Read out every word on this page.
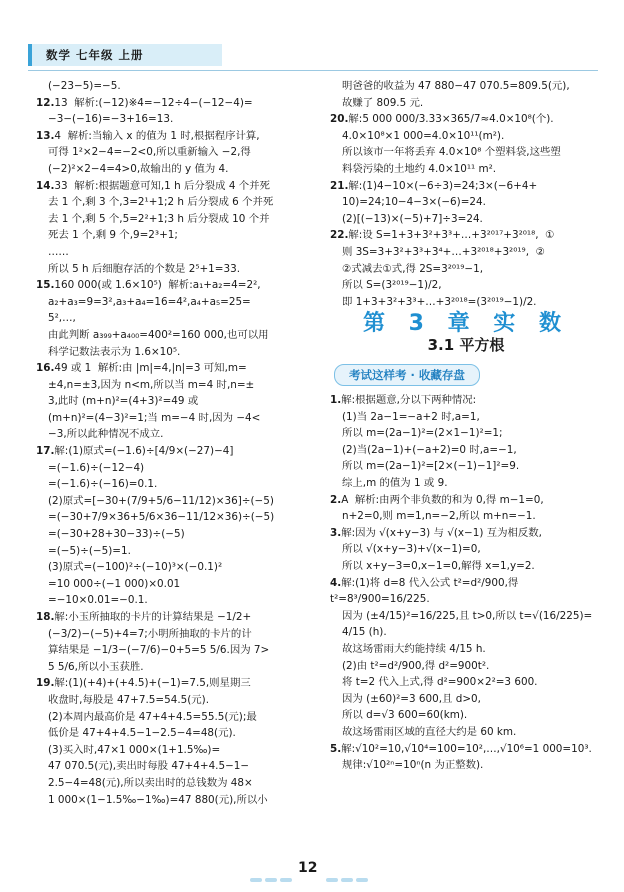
数学 七年级 上册

(−23−5)=−5.

12.13  解析:(−12)※4=−12÷4−(−12−4)=

−3−(−16)=−3+16=13.

13.4  解析:当输入 x 的值为 1 时,根据程序计算,

可得 1²×2−4=−2<0,所以重新输入 −2,得

(−2)²×2−4=4>0,故输出的 y 值为 4.

14.33  解析:根据题意可知,1 h 后分裂成 4 个并死

去 1 个,剩 3 个,3=2¹+1;2 h 后分裂成 6 个并死

去 1 个,剩 5 个,5=2²+1;3 h 后分裂成 10 个并

死去 1 个,剩 9 个,9=2³+1;

……

所以 5 h 后细胞存活的个数是 2⁵+1=33.

15.160 000(或 1.6×10⁵)  解析:a₁+a₂=4=2²,

a₂+a₃=9=3²,a₃+a₄=16=4²,a₄+a₅=25=

5²,…,

由此判断 a₃₉₉+a₄₀₀=400²=160 000,也可以用

科学记数法表示为 1.6×10⁵.

16.49 或 1  解析:由 |m|=4,|n|=3 可知,m=

±4,n=±3,因为 n<m,所以当 m=4 时,n=±

3,此时 (m+n)²=(4+3)²=49 或

(m+n)²=(4−3)²=1;当 m=−4 时,因为 −4<

−3,所以此种情况不成立.

17.解:(1)原式=(−1.6)÷[4/9×(−27)−4]

=(−1.6)÷(−12−4)

=(−1.6)÷(−16)=0.1.

(2)原式=[−30+(7/9+5/6−11/12)×36]÷(−5)

=(−30+7/9×36+5/6×36−11/12×36)÷(−5)

=(−30+28+30−33)÷(−5)

=(−5)÷(−5)=1.

(3)原式=(−100)²÷(−10)³×(−0.1)²

=10 000÷(−1 000)×0.01

=−10×0.01=−0.1.

18.解:小玉所抽取的卡片的计算结果是 −1/2+

(−3/2)−(−5)+4=7;小明所抽取的卡片的计

算结果是 −1/3−(−7/6)−0+5=5 5/6.因为 7>

5 5/6,所以小玉获胜.

19.解:(1)(+4)+(+4.5)+(−1)=7.5,则星期三

收盘时,每股是 47+7.5=54.5(元).

(2)本周内最高价是 47+4+4.5=55.5(元);最

低价是 47+4+4.5−1−2.5−4=48(元).

(3)买入时,47×1 000×(1+1.5‰)=

47 070.5(元),卖出时每股 47+4+4.5−1−

2.5−4=48(元),所以卖出时的总钱数为 48×

1 000×(1−1.5‰−1‰)=47 880(元),所以小

明爸爸的收益为 47 880−47 070.5=809.5(元),

故赚了 809.5 元.

20.解:5 000 000/3.33×365/7≈4.0×10⁸(个).

4.0×10⁸×1 000=4.0×10¹¹(m²).

所以该市一年将丢弃 4.0×10⁸ 个塑料袋,这些塑

料袋污染的土地约 4.0×10¹¹ m².

21.解:(1)4−10×(−6÷3)=24;3×(−6+4+

10)=24;10−4−3×(−6)=24.

(2)[(−13)×(−5)+7]÷3=24.

22.解:设 S=1+3+3²+3³+…+3²⁰¹⁷+3²⁰¹⁸,  ①

则 3S=3+3²+3³+3⁴+…+3²⁰¹⁸+3²⁰¹⁹,  ②

②式减去①式,得 2S=3²⁰¹⁹−1,

所以 S=(3²⁰¹⁹−1)/2,

即 1+3+3²+3³+…+3²⁰¹⁸=(3²⁰¹⁹−1)/2.

第 3 章 实 数
3.1 平方根
考试这样考 · 收藏存盘

1.解:根据题意,分以下两种情况:

(1)当 2a−1=−a+2 时,a=1,

所以 m=(2a−1)²=(2×1−1)²=1;

(2)当(2a−1)+(−a+2)=0 时,a=−1,

所以 m=(2a−1)²=[2×(−1)−1]²=9.

综上,m 的值为 1 或 9.

2.A  解析:由两个非负数的和为 0,得 m−1=0,

n+2=0,则 m=1,n=−2,所以 m+n=−1.

3.解:因为 √(x+y−3) 与 √(x−1) 互为相反数,

所以 √(x+y−3)+√(x−1)=0,

所以 x+y−3=0,x−1=0,解得 x=1,y=2.

4.解:(1)将 d=8 代入公式 t²=d²/900,得 t²=8³/900=16/225.

因为 (±4/15)²=16/225,且 t>0,所以 t=√(16/225)=

4/15 (h).

故这场雷雨大约能持续 4/15 h.

(2)由 t²=d²/900,得 d²=900t².

将 t=2 代入上式,得 d²=900×2²=3 600.

因为 (±60)²=3 600,且 d>0,

所以 d=√3 600=60(km).

故这场雷雨区域的直径大约是 60 km.

5.解:√10²=10,√10⁴=100=10²,…,√10⁶=1 000=10³.

规律:√10²ⁿ=10ⁿ(n 为正整数).

12
